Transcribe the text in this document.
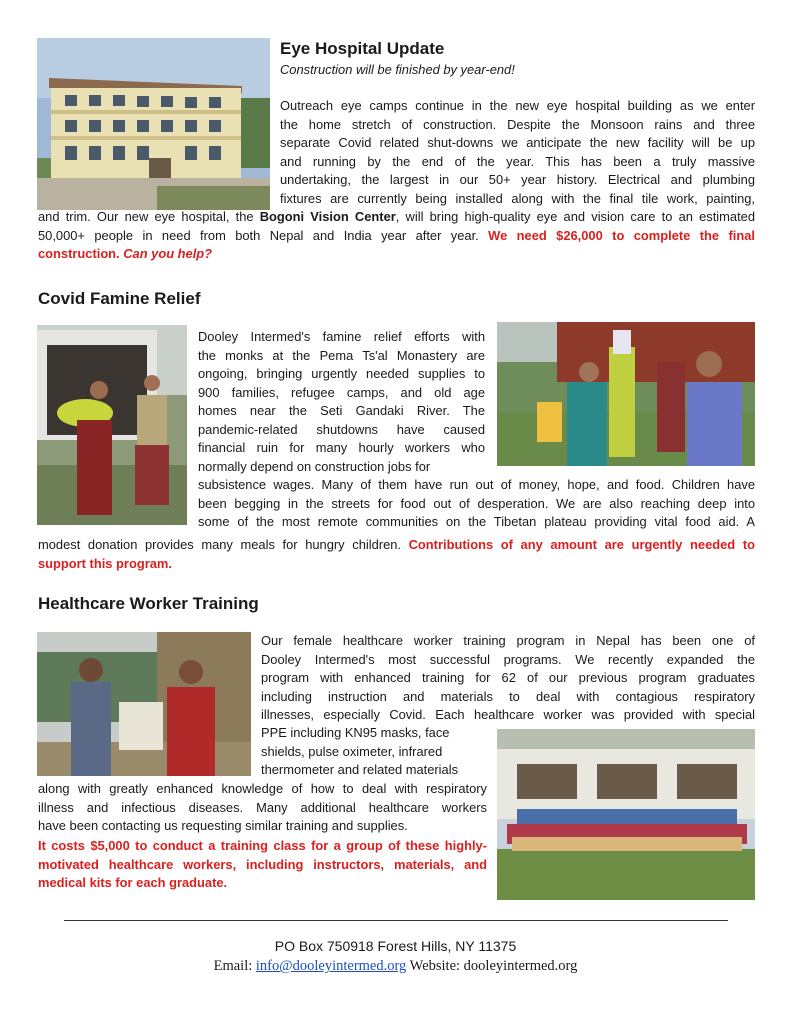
Eye Hospital Update
Construction will be finished by year-end!
Outreach eye camps continue in the new eye hospital building as we enter
the home stretch of construction. Despite the Monsoon rains and three
separate Covid related shut-downs we anticipate the new facility will be up
and running by the end of the year. This has been a truly massive
undertaking, the largest in our 50+ year history. Electrical and plumbing
fixtures are currently being installed along with the final tile work, painting,
and trim. Our new eye hospital, the Bogoni Vision Center, will bring high-quality eye and vision care to an estimated
50,000+ people in need from both Nepal and India year after year. We need $26,000 to complete the final
construction. Can you help?
Covid Famine Relief
Dooley Intermed's famine relief efforts with
the monks at the Pema Ts'al Monastery are
ongoing, bringing urgently needed supplies to
900 families, refugee camps, and old age
homes near the Seti Gandaki River. The
pandemic-related shutdowns have caused
financial ruin for many hourly workers who
normally depend on construction jobs for
subsistence wages. Many of them have run out of money, hope, and food. Children have
been begging in the streets for food out of desperation. We are also reaching deep into
some of the most remote communities on the Tibetan plateau providing vital food aid. A
modest donation provides many meals for hungry children. Contributions of any amount are urgently needed to
support this program.
Healthcare Worker Training
Our female healthcare worker training program in Nepal has been one of
Dooley Intermed's most successful programs. We recently expanded the
program with enhanced training for 62 of our previous program graduates
including instruction and materials to deal with contagious respiratory
illnesses, especially Covid. Each healthcare worker was provided with special
PPE including KN95 masks, face
shields, pulse oximeter, infrared
thermometer and related materials
along with greatly enhanced knowledge of how to deal with respiratory
illness and infectious diseases. Many additional healthcare workers
have been contacting us requesting similar training and supplies.
It costs $5,000 to conduct a training class for a group of these highly-
motivated healthcare workers, including instructors, materials, and
medical kits for each graduate.
PO Box 750918 Forest Hills, NY 11375
Email: info@dooleyintermed.org Website: dooleyintermed.org
